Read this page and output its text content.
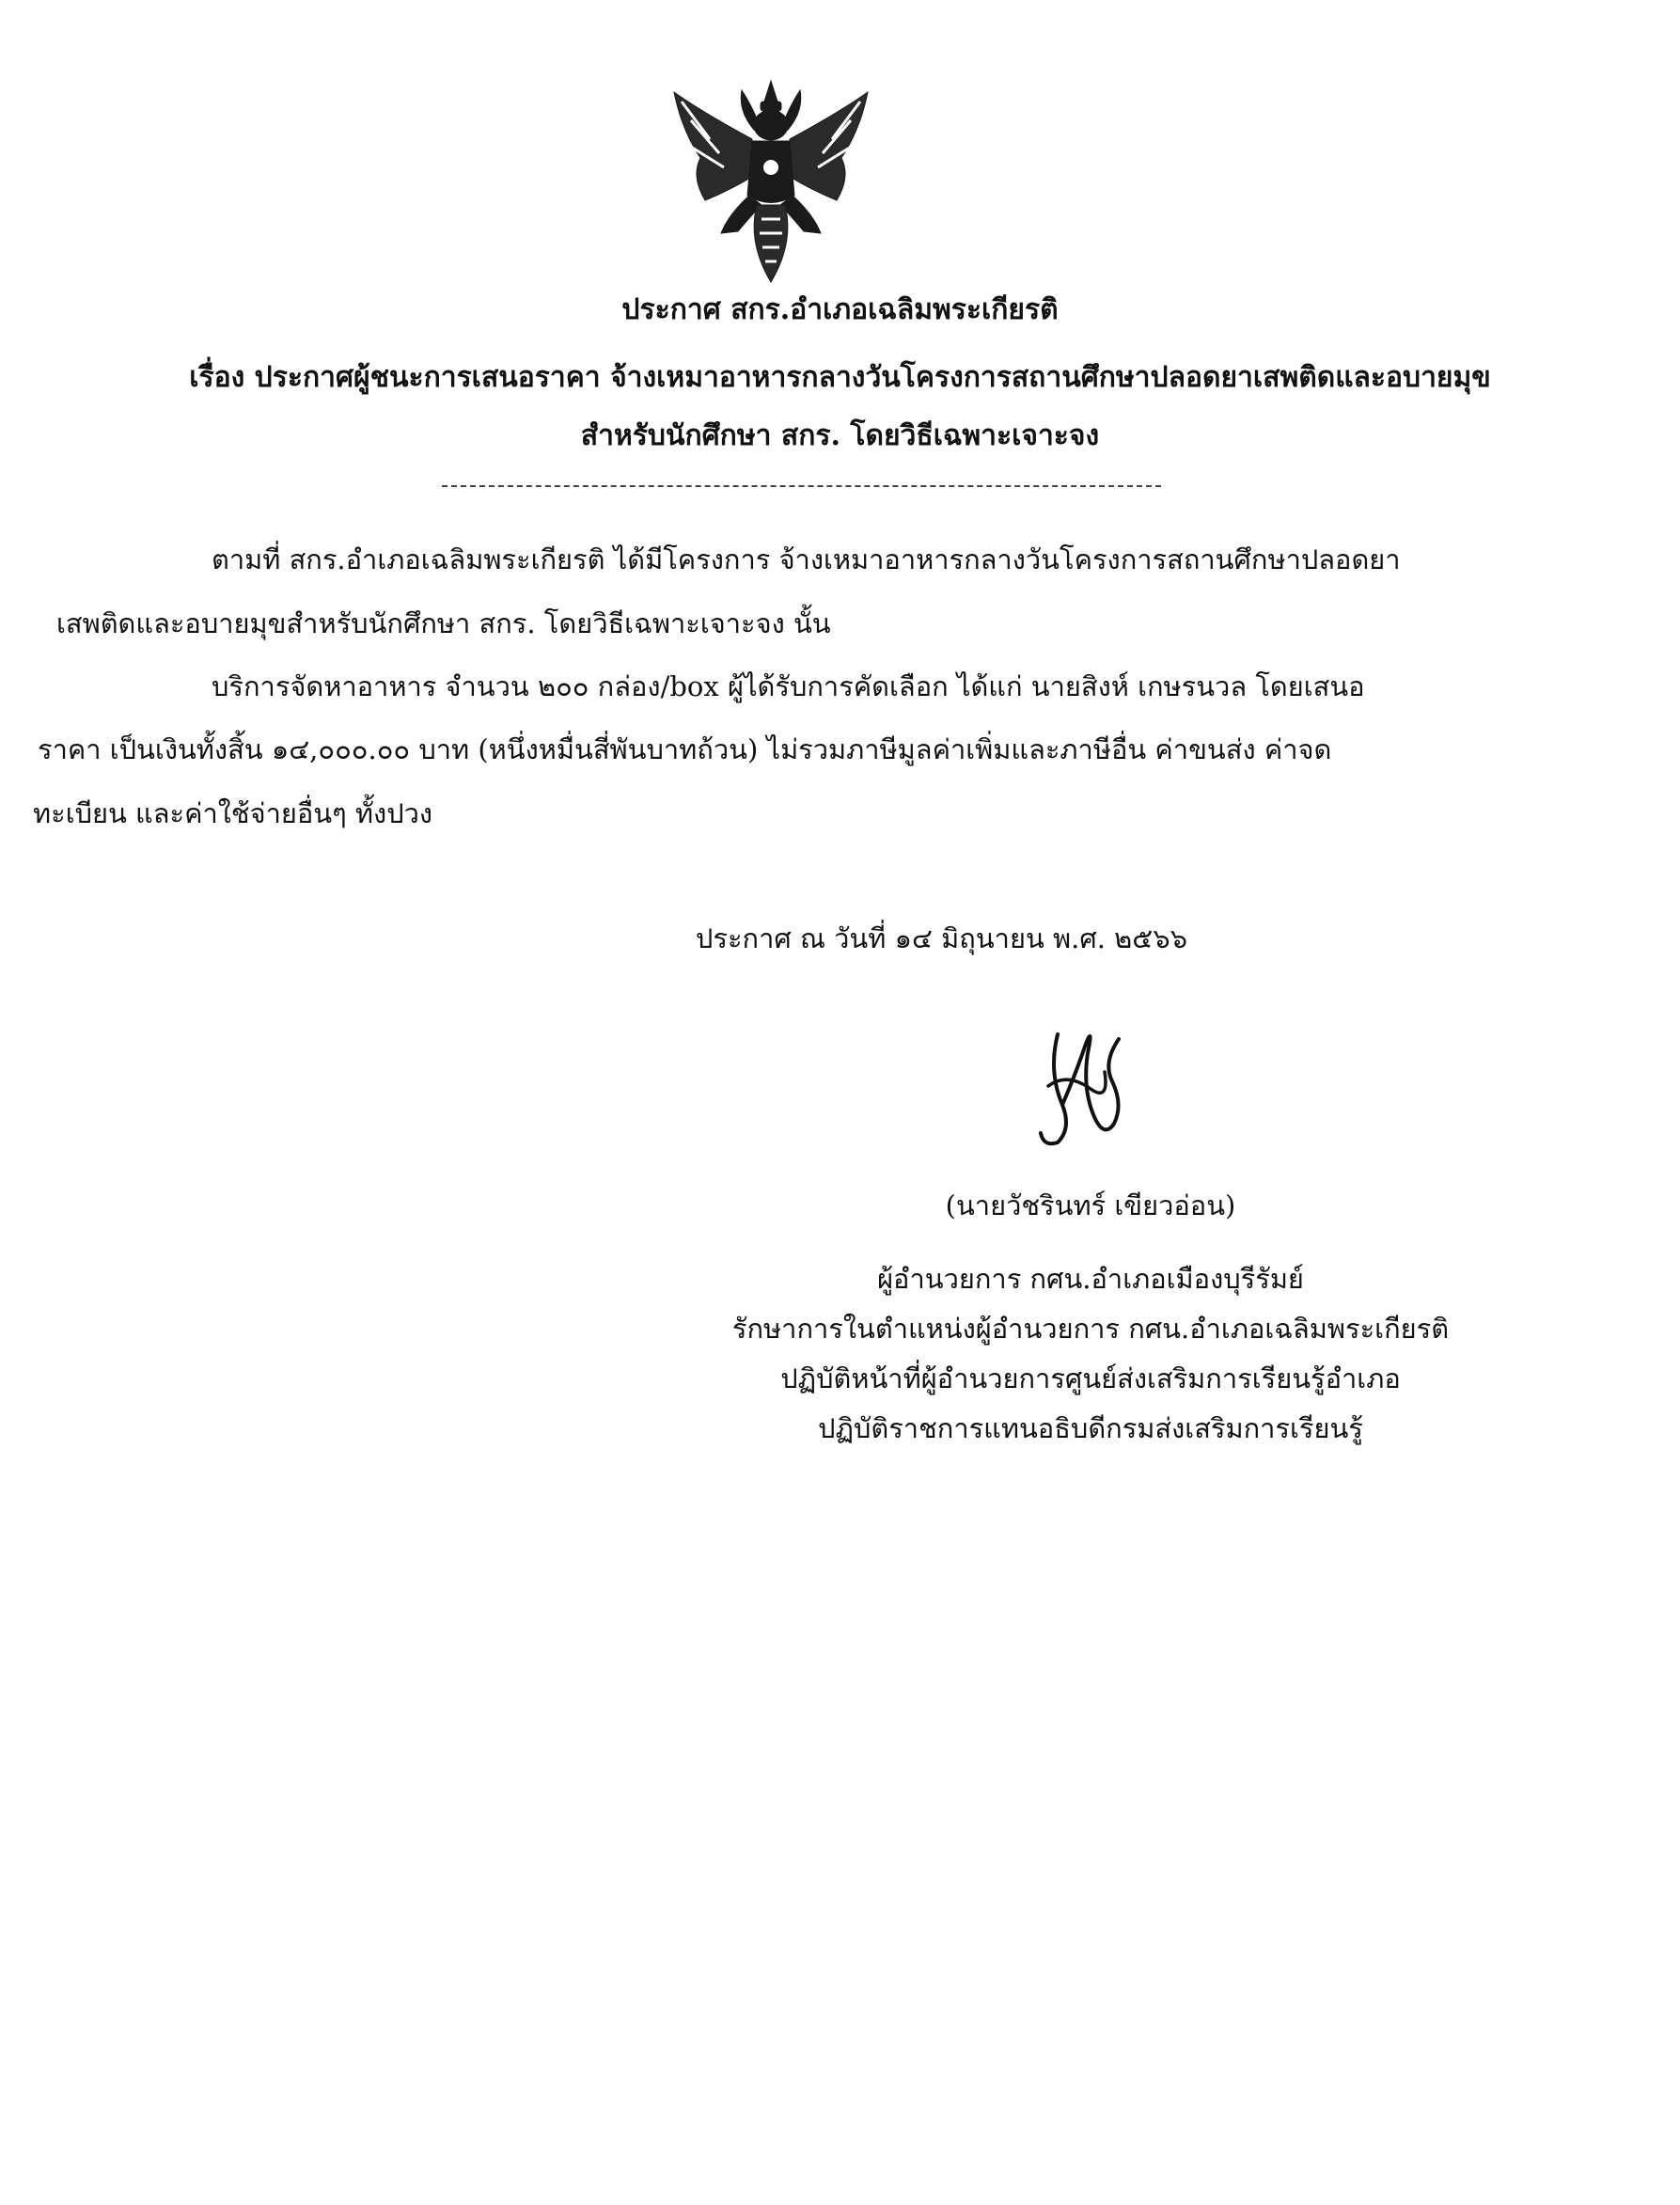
ประกาศ สกร.อำเภอเฉลิมพระเกียรติ
เรื่อง ประกาศผู้ชนะการเสนอราคา จ้างเหมาอาหารกลางวันโครงการสถานศึกษาปลอดยาเสพติดและอบายมุข
สำหรับนักศึกษา สกร. โดยวิธีเฉพาะเจาะจง
ตามที่ สกร.อำเภอเฉลิมพระเกียรติ ได้มีโครงการ จ้างเหมาอาหารกลางวันโครงการสถานศึกษาปลอดยา
เสพติดและอบายมุขสำหรับนักศึกษา สกร. โดยวิธีเฉพาะเจาะจง นั้น
บริการจัดหาอาหาร จำนวน ๒๐๐ กล่อง/box ผู้ได้รับการคัดเลือก ได้แก่ นายสิงห์ เกษรนวล โดยเสนอ
ราคา เป็นเงินทั้งสิ้น ๑๔,๐๐๐.๐๐ บาท (หนึ่งหมื่นสี่พันบาทถ้วน) ไม่รวมภาษีมูลค่าเพิ่มและภาษีอื่น ค่าขนส่ง ค่าจด
ทะเบียน และค่าใช้จ่ายอื่นๆ ทั้งปวง
ประกาศ ณ วันที่ ๑๔ มิถุนายน พ.ศ. ๒๕๖๖
(นายวัชรินทร์ เขียวอ่อน)
ผู้อำนวยการ กศน.อำเภอเมืองบุรีรัมย์
รักษาการในตำแหน่งผู้อำนวยการ กศน.อำเภอเฉลิมพระเกียรติ
ปฏิบัติหน้าที่ผู้อำนวยการศูนย์ส่งเสริมการเรียนรู้อำเภอ
ปฏิบัติราชการแทนอธิบดีกรมส่งเสริมการเรียนรู้
